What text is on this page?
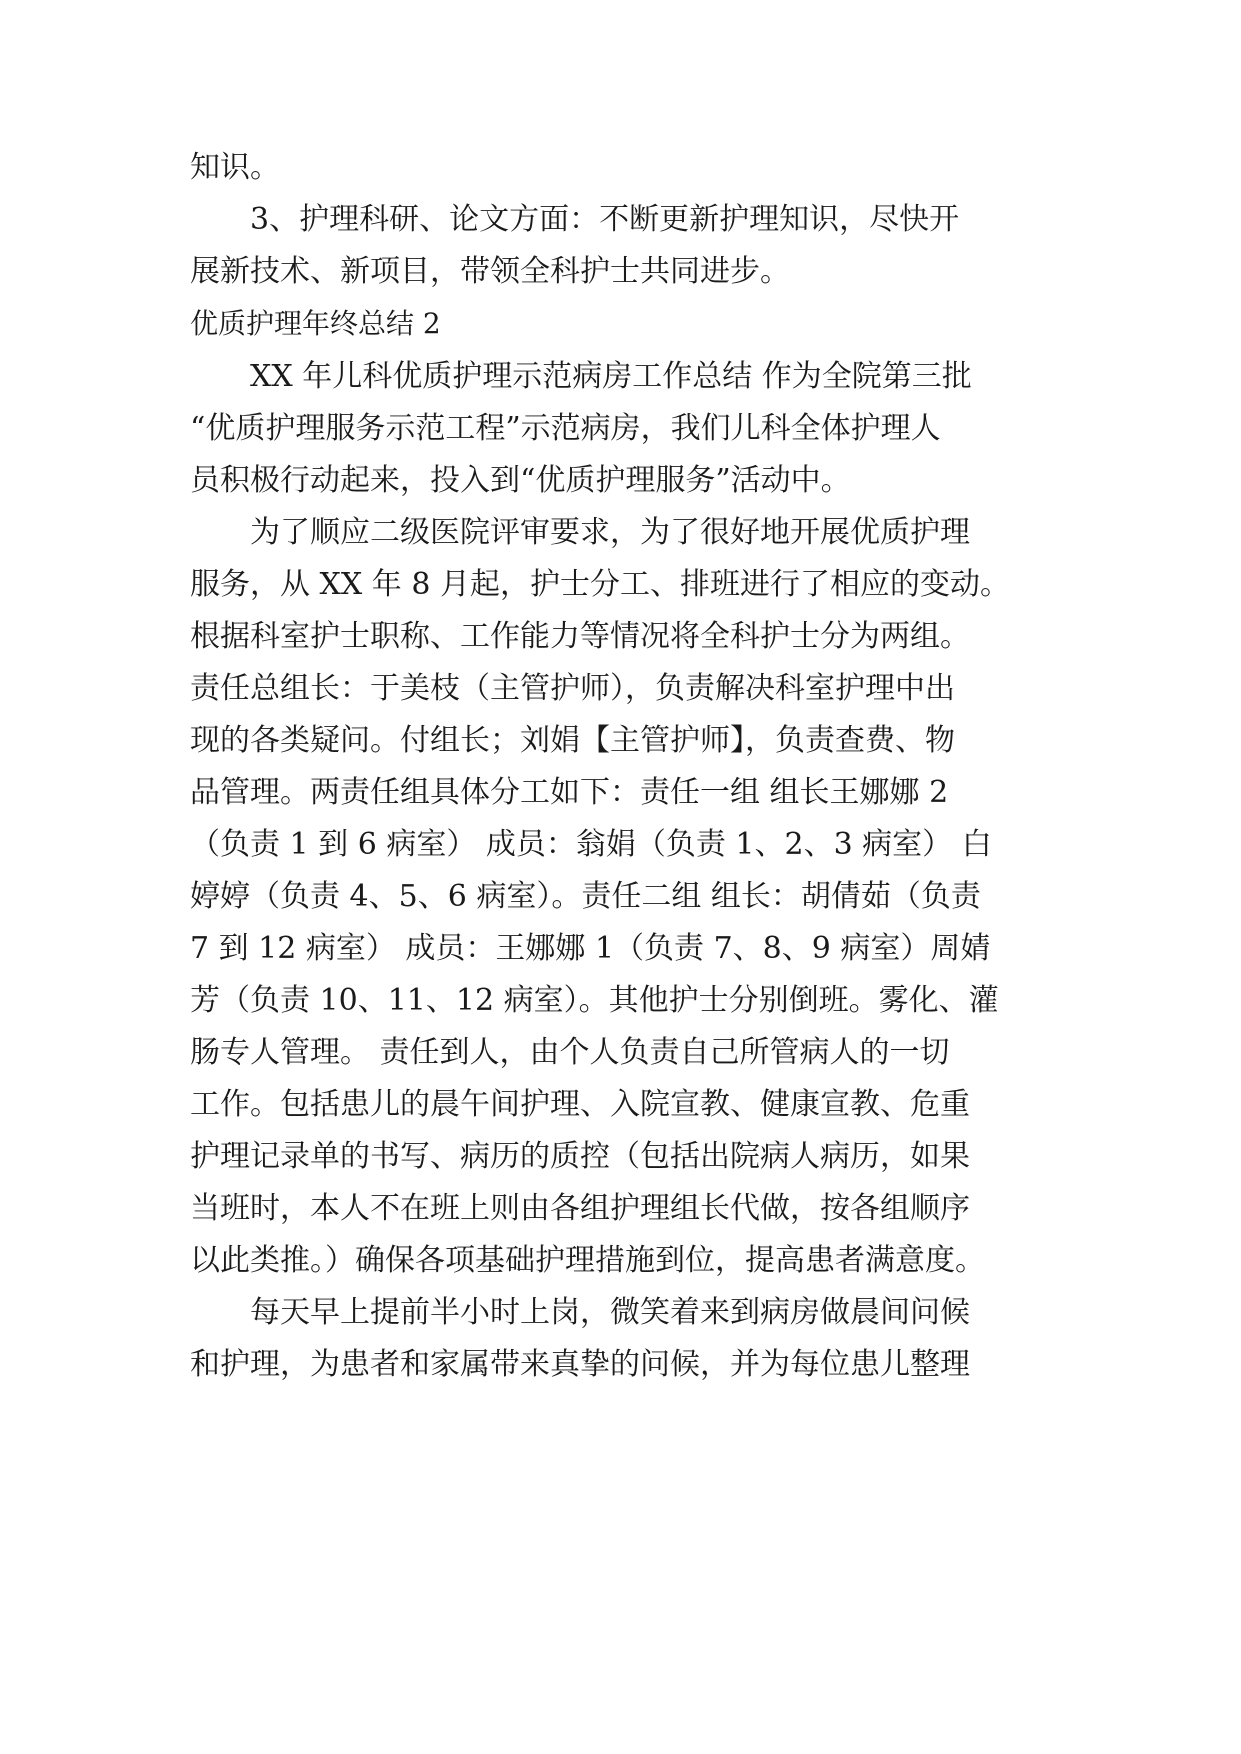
知识。
　　3、护理科研、论文方面：不断更新护理知识，尽快开
展新技术、新项目，带领全科护士共同进步。
优质护理年终总结 2
　　XX 年儿科优质护理示范病房工作总结 作为全院第三批
“优质护理服务示范工程”示范病房，我们儿科全体护理人
员积极行动起来，投入到“优质护理服务”活动中。
　　为了顺应二级医院评审要求，为了很好地开展优质护理
服务，从 XX 年 8 月起，护士分工、排班进行了相应的变动。
根据科室护士职称、工作能力等情况将全科护士分为两组。
责任总组长：于美枝（主管护师），负责解决科室护理中出
现的各类疑问。付组长；刘娟【主管护师】，负责查费、物
品管理。两责任组具体分工如下：责任一组 组长王娜娜 2
（负责 1 到 6 病室） 成员：翁娟（负责 1、2、3 病室） 白
婷婷（负责 4、5、6 病室）。责任二组 组长：胡倩茹（负责
7 到 12 病室） 成员：王娜娜 1（负责 7、8、9 病室）周婧
芳（负责 10、11、12 病室）。其他护士分别倒班。雾化、灌
肠专人管理。 责任到人，由个人负责自己所管病人的一切
工作。包括患儿的晨午间护理、入院宣教、健康宣教、危重
护理记录单的书写、病历的质控（包括出院病人病历，如果
当班时，本人不在班上则由各组护理组长代做，按各组顺序
以此类推。）确保各项基础护理措施到位，提高患者满意度。
　　每天早上提前半小时上岗，微笑着来到病房做晨间问候
和护理，为患者和家属带来真挚的问候，并为每位患儿整理
